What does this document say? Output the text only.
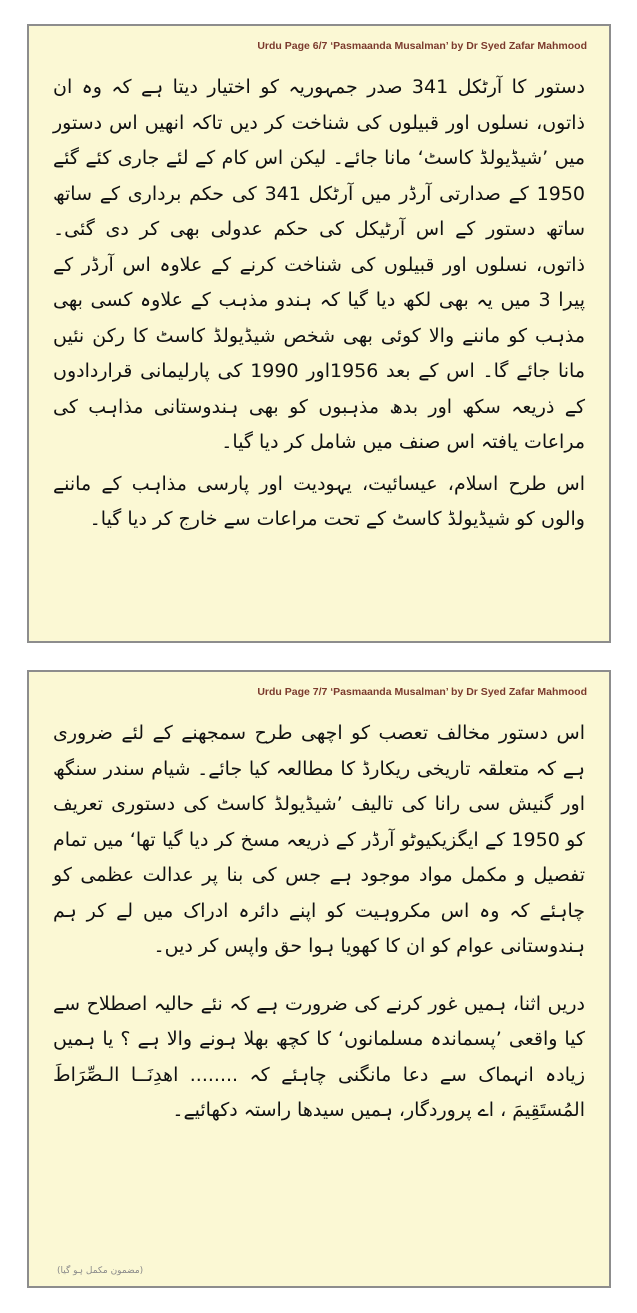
Urdu Page 6/7 ‘Pasmaanda Musalman’ by Dr Syed Zafar Mahmood

دستور کا آرٹکل 341 صدر جمہوریہ کو اختیار دیتا ہے کہ وہ ان ذاتوں، نسلوں اور قبیلوں کی شناخت کر دیں تاکہ انھیں اس دستور میں ’شیڈیولڈ کاسٹ‘ مانا جائے۔ لیکن اس کام کے لئے جاری کئے گئے 1950 کے صدارتی آرڈر میں آرٹکل 341 کی حکم برداری کے ساتھ ساتھ دستور کے اس آرٹیکل کی حکم عدولی بھی کر دی گئی۔ ذاتوں، نسلوں اور قبیلوں کی شناخت کرنے کے علاوہ اس آرڈر کے پیرا 3 میں یہ بھی لکھ دیا گیا کہ ہندو مذہب کے علاوہ کسی بھی مذہب کو ماننے والا کوئی بھی شخص شیڈیولڈ کاسٹ کا رکن نئیں مانا جائے گا۔ اس کے بعد 1956اور 1990 کی پارلیمانی قراردادوں کے ذریعہ سکھ اور بدھ مذہبوں کو بھی ہندوستانی مذاہب کی مراعات یافتہ اس صنف میں شامل کر دیا گیا۔

اس طرح اسلام، عیسائیت، یہودیت اور پارسی مذاہب کے ماننے والوں کو شیڈیولڈ کاسٹ کے تحت مراعات سے خارج کر دیا گیا۔

Urdu Page 7/7 ‘Pasmaanda Musalman’ by Dr Syed Zafar Mahmood

اس دستور مخالف تعصب کو اچھی طرح سمجھنے کے لئے ضروری ہے کہ متعلقہ تاریخی ریکارڈ کا مطالعہ کیا جائے۔ شیام سندر سنگھ اور گنیش سی رانا کی تالیف ’شیڈیولڈ کاسٹ کی دستوری تعریف کو 1950 کے ایگزیکیوٹو آرڈر کے ذریعہ مسخ کر دیا گیا تھا‘ میں تمام تفصیل و مکمل مواد موجود ہے جس کی بنا پر عدالت عظمی کو چاہئے کہ وہ اس مکروہیت کو اپنے دائرہ ادراک میں لے کر ہم ہندوستانی عوام کو ان کا کھویا ہوا حق واپس کر دیں۔

دریں اثنا، ہمیں غور کرنے کی ضرورت ہے کہ نئے حالیہ اصطلاح سے کیا واقعی ’پسماندہ مسلمانوں‘ کا کچھ بھلا ہونے والا ہے ؟ یا ہمیں زیادہ انہماک سے دعا مانگنی چاہئے کہ ........ اھدِنَــا الـصِّرَاطَ المُستَقِيمَ ، اے پروردگار، ہمیں سیدھا راستہ دکھائیے۔

(مضمون مکمل ہو گیا)
